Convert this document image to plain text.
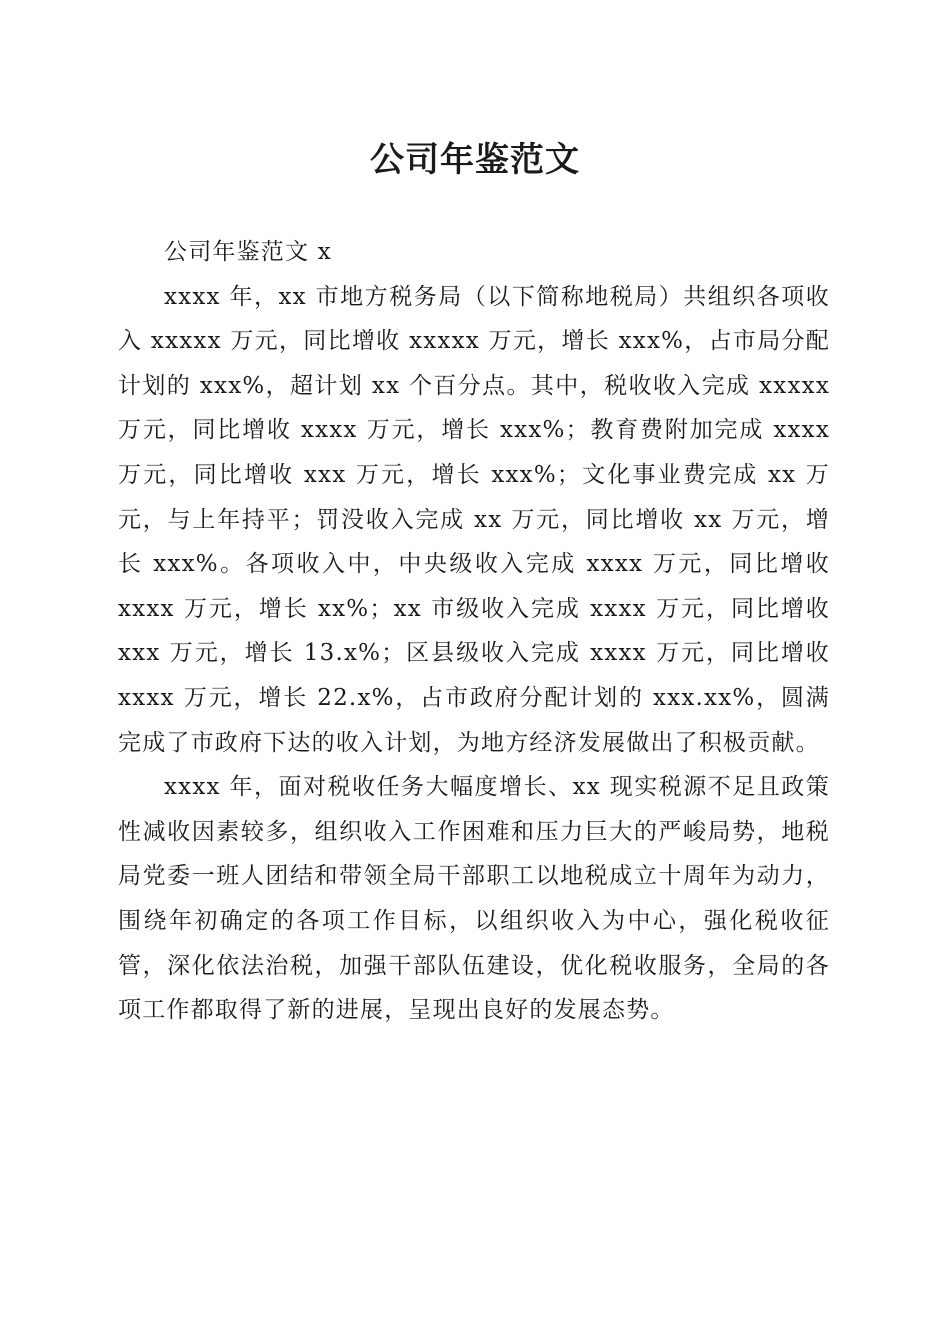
公司年鉴范文

公司年鉴范文 x

xxxx 年，xx 市地方税务局（以下简称地税局）共组织各项收入 xxxxx 万元，同比增收 xxxxx 万元，增长 xxx%，占市局分配计划的 xxx%，超计划 xx 个百分点。其中，税收收入完成 xxxxx 万元，同比增收 xxxx 万元，增长 xxx%；教育费附加完成 xxxx 万元，同比增收 xxx 万元，增长 xxx%；文化事业费完成 xx 万元，与上年持平；罚没收入完成 xx 万元，同比增收 xx 万元，增长 xxx%。各项收入中，中央级收入完成 xxxx 万元，同比增收 xxxx 万元，增长 xx%；xx 市级收入完成 xxxx 万元，同比增收 xxx 万元，增长 13.x%；区县级收入完成 xxxx 万元，同比增收 xxxx 万元，增长 22.x%，占市政府分配计划的 xxx.xx%，圆满完成了市政府下达的收入计划，为地方经济发展做出了积极贡献。

xxxx 年，面对税收任务大幅度增长、xx 现实税源不足且政策性减收因素较多，组织收入工作困难和压力巨大的严峻局势，地税局党委一班人团结和带领全局干部职工以地税成立十周年为动力，围绕年初确定的各项工作目标，以组织收入为中心，强化税收征管，深化依法治税，加强干部队伍建设，优化税收服务，全局的各项工作都取得了新的进展，呈现出良好的发展态势。
